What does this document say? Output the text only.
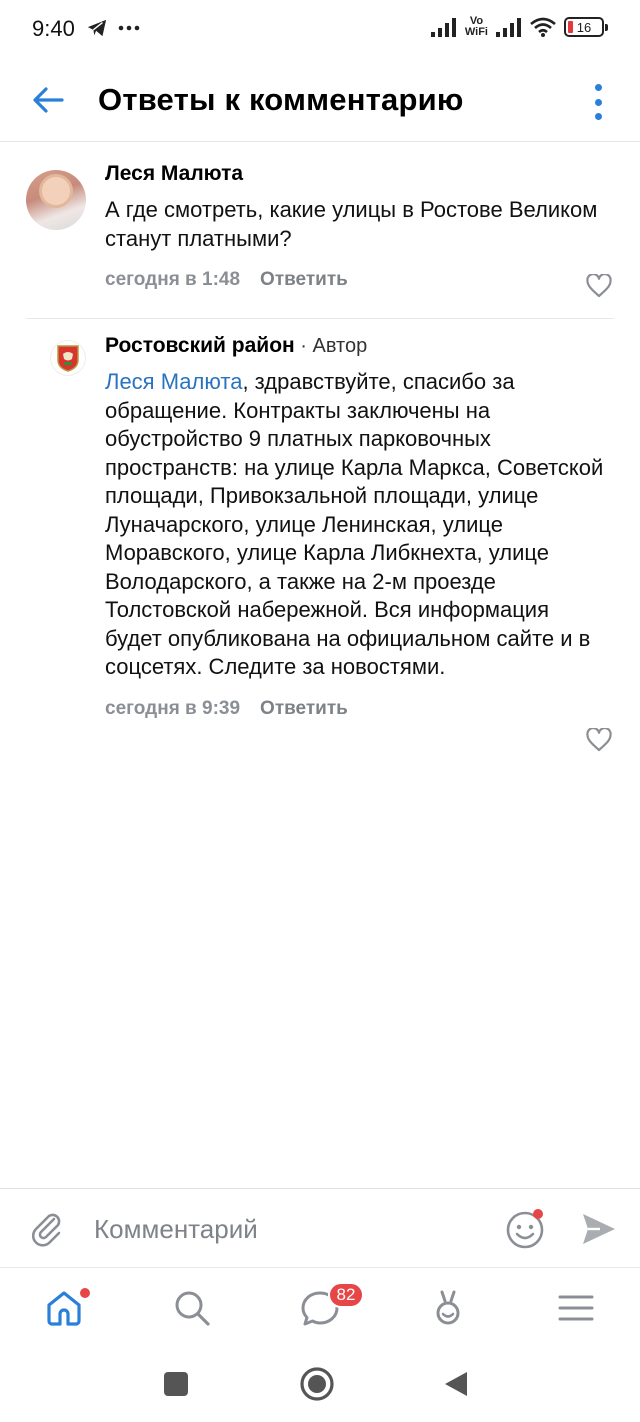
9:40	Vo
WiFi	16
Ответы к комментарию
Леся Малюта
А где смотреть, какие улицы в Ростове Великом станут платными?
сегодня в 1:48 Ответить
Ростовский район · Автор
Леся Малюта, здравствуйте, спасибо за обращение. Контракты заключены на обустройство 9 платных парковочных пространств: на улице Карла Маркса, Советской площади, Привокзальной площади, улице Луначарского, улице Ленинская, улице Моравского, улице Карла Либкнехта, улице Володарского, а также на 2-м проезде Толстовской набережной. Вся информация будет опубликована на официальном сайте и в соцсетях. Следите за новостями.
сегодня в 9:39 Ответить
Комментарий
82
